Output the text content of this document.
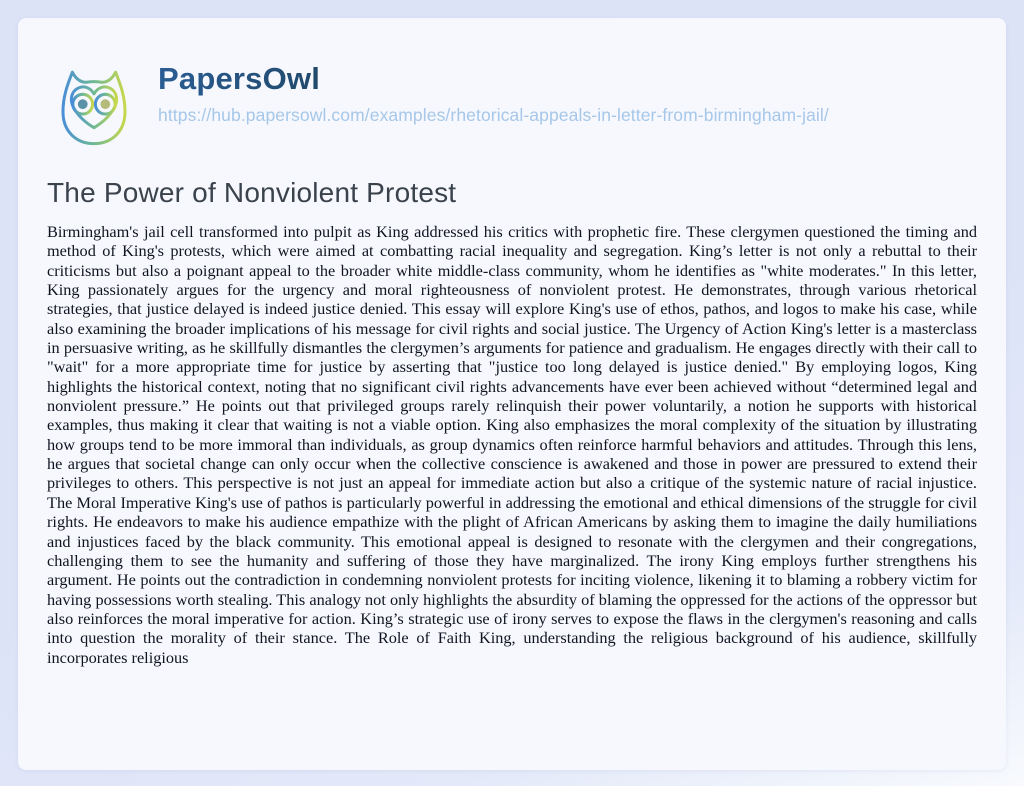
PapersOwl
https://hub.papersowl.com/examples/rhetorical-appeals-in-letter-from-birmingham-jail/
The Power of Nonviolent Protest

Birmingham's jail cell transformed into pulpit as King addressed his critics with prophetic fire. These clergymen questioned the timing and method of King's protests, which were aimed at combatting racial inequality and segregation. King’s letter is not only a rebuttal to their criticisms but also a poignant appeal to the broader white middle-class community, whom he identifies as "white moderates." In this letter, King passionately argues for the urgency and moral righteousness of nonviolent protest. He demonstrates, through various rhetorical strategies, that justice delayed is indeed justice denied. This essay will explore King's use of ethos, pathos, and logos to make his case, while also examining the broader implications of his message for civil rights and social justice. The Urgency of Action King's letter is a masterclass in persuasive writing, as he skillfully dismantles the clergymen’s arguments for patience and gradualism. He engages directly with their call to "wait" for a more appropriate time for justice by asserting that "justice too long delayed is justice denied." By employing logos, King highlights the historical context, noting that no significant civil rights advancements have ever been achieved without “determined legal and nonviolent pressure.” He points out that privileged groups rarely relinquish their power voluntarily, a notion he supports with historical examples, thus making it clear that waiting is not a viable option. King also emphasizes the moral complexity of the situation by illustrating how groups tend to be more immoral than individuals, as group dynamics often reinforce harmful behaviors and attitudes. Through this lens, he argues that societal change can only occur when the collective conscience is awakened and those in power are pressured to extend their privileges to others. This perspective is not just an appeal for immediate action but also a critique of the systemic nature of racial injustice. The Moral Imperative King's use of pathos is particularly powerful in addressing the emotional and ethical dimensions of the struggle for civil rights. He endeavors to make his audience empathize with the plight of African Americans by asking them to imagine the daily humiliations and injustices faced by the black community. This emotional appeal is designed to resonate with the clergymen and their congregations, challenging them to see the humanity and suffering of those they have marginalized. The irony King employs further strengthens his argument. He points out the contradiction in condemning nonviolent protests for inciting violence, likening it to blaming a robbery victim for having possessions worth stealing. This analogy not only highlights the absurdity of blaming the oppressed for the actions of the oppressor but also reinforces the moral imperative for action. King’s strategic use of irony serves to expose the flaws in the clergymen's reasoning and calls into question the morality of their stance. The Role of Faith King, understanding the religious background of his audience, skillfully incorporates religious
